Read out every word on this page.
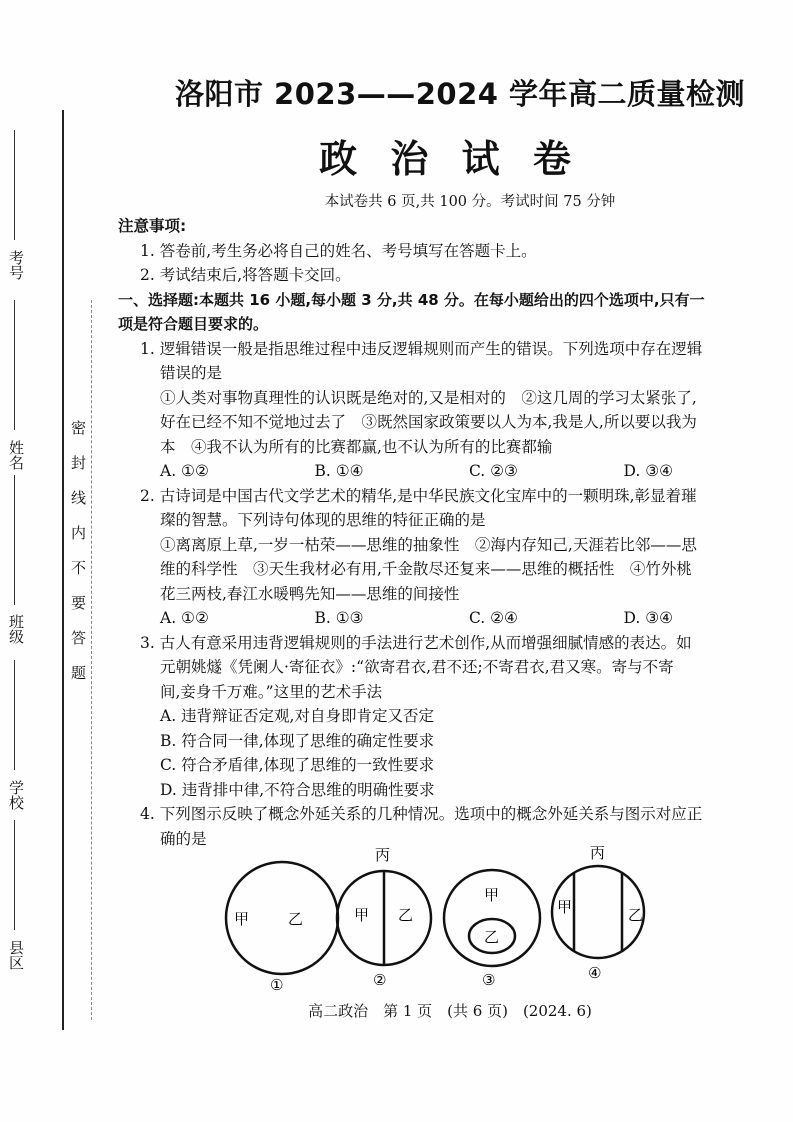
考号
姓名
班级
学校
县区
密封线内不要答题
洛阳市 2023——2024 学年高二质量检测
政 治 试 卷
本试卷共 6 页,共 100 分。考试时间 75 分钟
注意事项:
1. 答卷前,考生务必将自己的姓名、考号填写在答题卡上。
2. 考试结束后,将答题卡交回。
一、选择题:本题共 16 小题,每小题 3 分,共 48 分。在每小题给出的四个选项中,只有一
项是符合题目要求的。
1. 逻辑错误一般是指思维过程中违反逻辑规则而产生的错误。下列选项中存在逻辑
错误的是
①人类对事物真理性的认识既是绝对的,又是相对的　②这几周的学习太紧张了,
好在已经不知不觉地过去了　③既然国家政策要以人为本,我是人,所以要以我为
本　④我不认为所有的比赛都赢,也不认为所有的比赛都输
A. ①②	B. ①④	C. ②③	D. ③④
2. 古诗词是中国古代文学艺术的精华,是中华民族文化宝库中的一颗明珠,彰显着璀
璨的智慧。下列诗句体现的思维的特征正确的是
①离离原上草,一岁一枯荣——思维的抽象性　②海内存知己,天涯若比邻——思
维的科学性　③天生我材必有用,千金散尽还复来——思维的概括性　④竹外桃
花三两枝,春江水暖鸭先知——思维的间接性
A. ①②	B. ①③	C. ②④	D. ③④
3. 古人有意采用违背逻辑规则的手法进行艺术创作,从而增强细腻情感的表达。如
元朝姚燧《凭阑人·寄征衣》:“欲寄君衣,君不还;不寄君衣,君又寒。寄与不寄
间,妾身千万难。”这里的艺术手法
A. 违背辩证否定观,对自身即肯定又否定
B. 符合同一律,体现了思维的确定性要求
C. 符合矛盾律,体现了思维的一致性要求
D. 违背排中律,不符合思维的明确性要求
4. 下列图示反映了概念外延关系的几种情况。选项中的概念外延关系与图示对应正
确的是
甲	乙
①
丙
甲 乙
②
甲
乙
③
丙
甲	乙
④
高二政治　第 1 页　(共 6 页)　(2024. 6)
